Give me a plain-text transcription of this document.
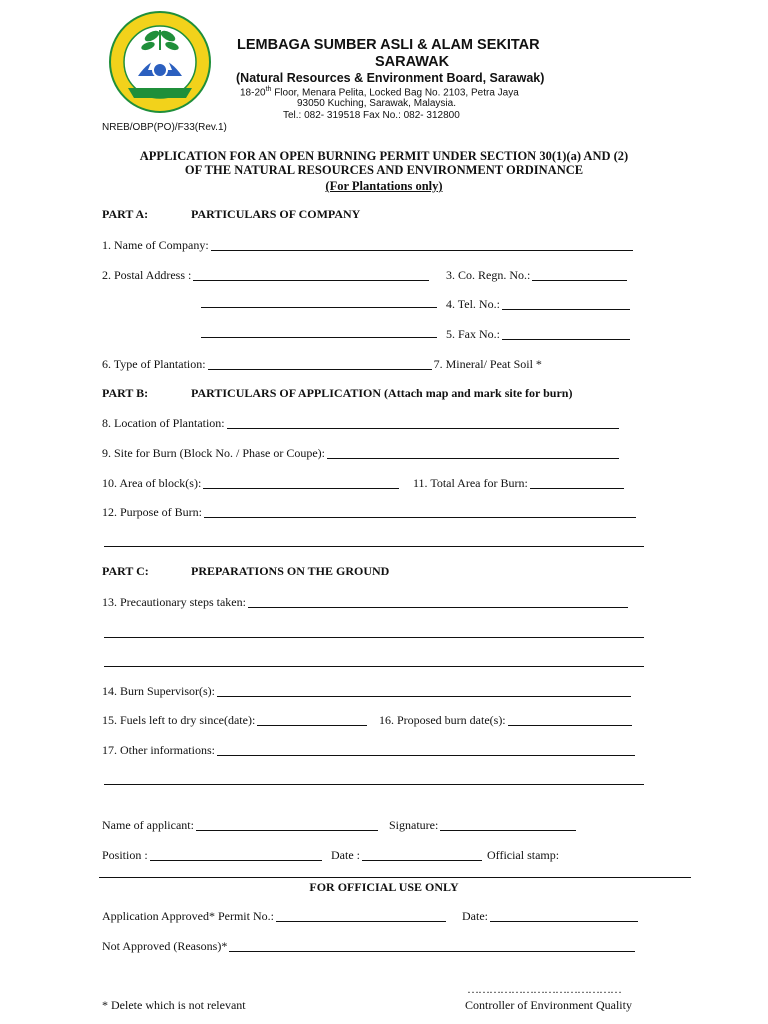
LEMBAGA SUMBER ASLI & ALAM SEKITAR
SARAWAK
(Natural Resources & Environment Board, Sarawak)
18-20th Floor, Menara Pelita, Locked Bag No. 2103, Petra Jaya
93050 Kuching, Sarawak, Malaysia.
Tel.: 082- 319518 Fax No.: 082- 312800
NREB/OBP(PO)/F33(Rev.1)
APPLICATION FOR AN OPEN BURNING PERMIT UNDER SECTION 30(1)(a) AND (2)
OF THE NATURAL RESOURCES AND ENVIRONMENT ORDINANCE
(For Plantations only)
PART A:	PARTICULARS OF COMPANY
1. Name of Company:
2. Postal Address :	3. Co. Regn. No.:
4. Tel. No.:
5. Fax No.:
6. Type of Plantation:	7. Mineral/ Peat Soil *
PART B:	PARTICULARS OF APPLICATION (Attach map and mark site for burn)
8. Location of Plantation:
9. Site for Burn (Block No. / Phase or Coupe):
10. Area of block(s):	11. Total Area for Burn:
12. Purpose of Burn:
PART C:	PREPARATIONS ON THE GROUND
13. Precautionary steps taken:
14. Burn Supervisor(s):
15. Fuels left to dry since(date):	16. Proposed burn date(s):
17. Other informations:
Name of applicant:	Signature:
Position :	Date :	Official stamp:
FOR OFFICIAL USE ONLY
Application Approved* Permit No.:	Date:
Not Approved (Reasons)*
……………………………………
* Delete which is not relevant	Controller of Environment Quality
